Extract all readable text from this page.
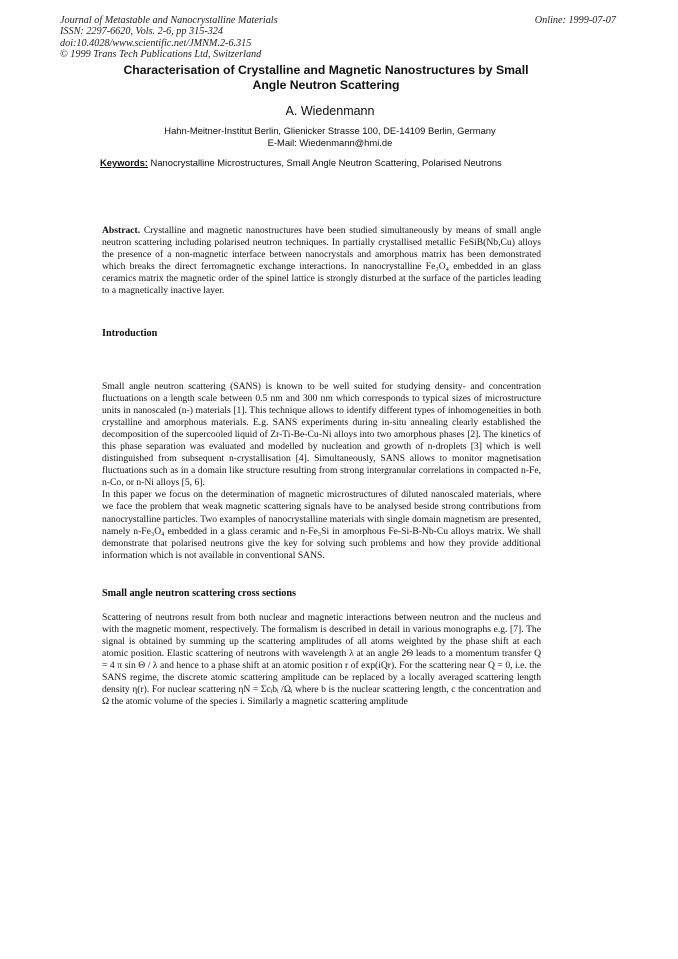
Journal of Metastable and Nanocrystalline Materials
ISSN: 2297-6620, Vols. 2-6, pp 315-324
doi:10.4028/www.scientific.net/JMNM.2-6.315
© 1999 Trans Tech Publications Ltd, Switzerland
Online: 1999-07-07
Characterisation of Crystalline and Magnetic Nanostructures by Small
Angle Neutron Scattering
A. Wiedenmann
Hahn-Meitner-Institut Berlin, Glienicker Strasse 100, DE-14109 Berlin, Germany
E-Mail: Wiedenmann@hmi.de
Keywords: Nanocrystalline Microstructures, Small Angle Neutron Scattering, Polarised Neutrons

Abstract. Crystalline and magnetic nanostructures have been studied simultaneously by means of small angle neutron scattering including polarised neutron techniques. In partially crystallised metallic FeSiB(Nb,Cu) alloys the presence of a non-magnetic interface between nanocrystals and amorphous matrix has been demonstrated which breaks the direct ferromagnetic exchange interactions. In nanocrystalline Fe₃O₄ embedded in an glass ceramics matrix the magnetic order of the spinel lattice is strongly disturbed at the surface of the particles leading to a magnetically inactive layer.

Introduction

Small angle neutron scattering (SANS) is known to be well suited for studying density- and concentration fluctuations on a length scale between 0.5 nm and 300 nm which corresponds to typical sizes of microstructure units in nanoscaled (n-) materials [1]. This technique allows to identify different types of inhomogeneities in both crystalline and amorphous materials. E.g. SANS experiments during in-situ annealing clearly established the decomposition of the supercooled liquid of Zr-Ti-Be-Cu-Ni alloys into two amorphous phases [2]. The kinetics of this phase separation was evaluated and modelled by nucleation and growth of n-droplets [3] which is well distinguished from subsequent n-crystallisation [4]. Simultaneously, SANS allows to monitor magnetisation fluctuations such as in a domain like structure resulting from strong intergranular correlations in compacted n-Fe, n-Co, or n-Ni alloys [5, 6].

In this paper we focus on the determination of magnetic microstructures of diluted nanoscaled materials, where we face the problem that weak magnetic scattering signals have to be analysed beside strong contributions from nanocrystalline particles. Two examples of nanocrystalline materials with single domain magnetism are presented, namely n-Fe₃O₄ embedded in a glass ceramic and n-Fe₃Si in amorphous Fe-Si-B-Nb-Cu alloys matrix. We shall demonstrate that polarised neutrons give the key for solving such problems and how they provide additional information which is not available in conventional SANS.

Small angle neutron scattering cross sections

Scattering of neutrons result from both nuclear and magnetic interactions between neutron and the nucleus and with the magnetic moment, respectively. The formalism is described in detail in various monographs e.g. [7]. The signal is obtained by summing up the scattering amplitudes of all atoms weighted by the phase shift at each atomic position. Elastic scattering of neutrons with wavelength λ at an angle 2Θ leads to a momentum transfer Q = 4 π sin Θ / λ and hence to a phase shift at an atomic position r of exp(iQr). For the scattering near Q = 0, i.e. the SANS regime, the discrete atomic scattering amplitude can be replaced by a locally averaged scattering length density η(r). For nuclear scattering ηN = Σcᵢbᵢ /Ωᵢ where b is the nuclear scattering length, c the concentration and Ω the atomic volume of the species i. Similarly a magnetic scattering amplitude
